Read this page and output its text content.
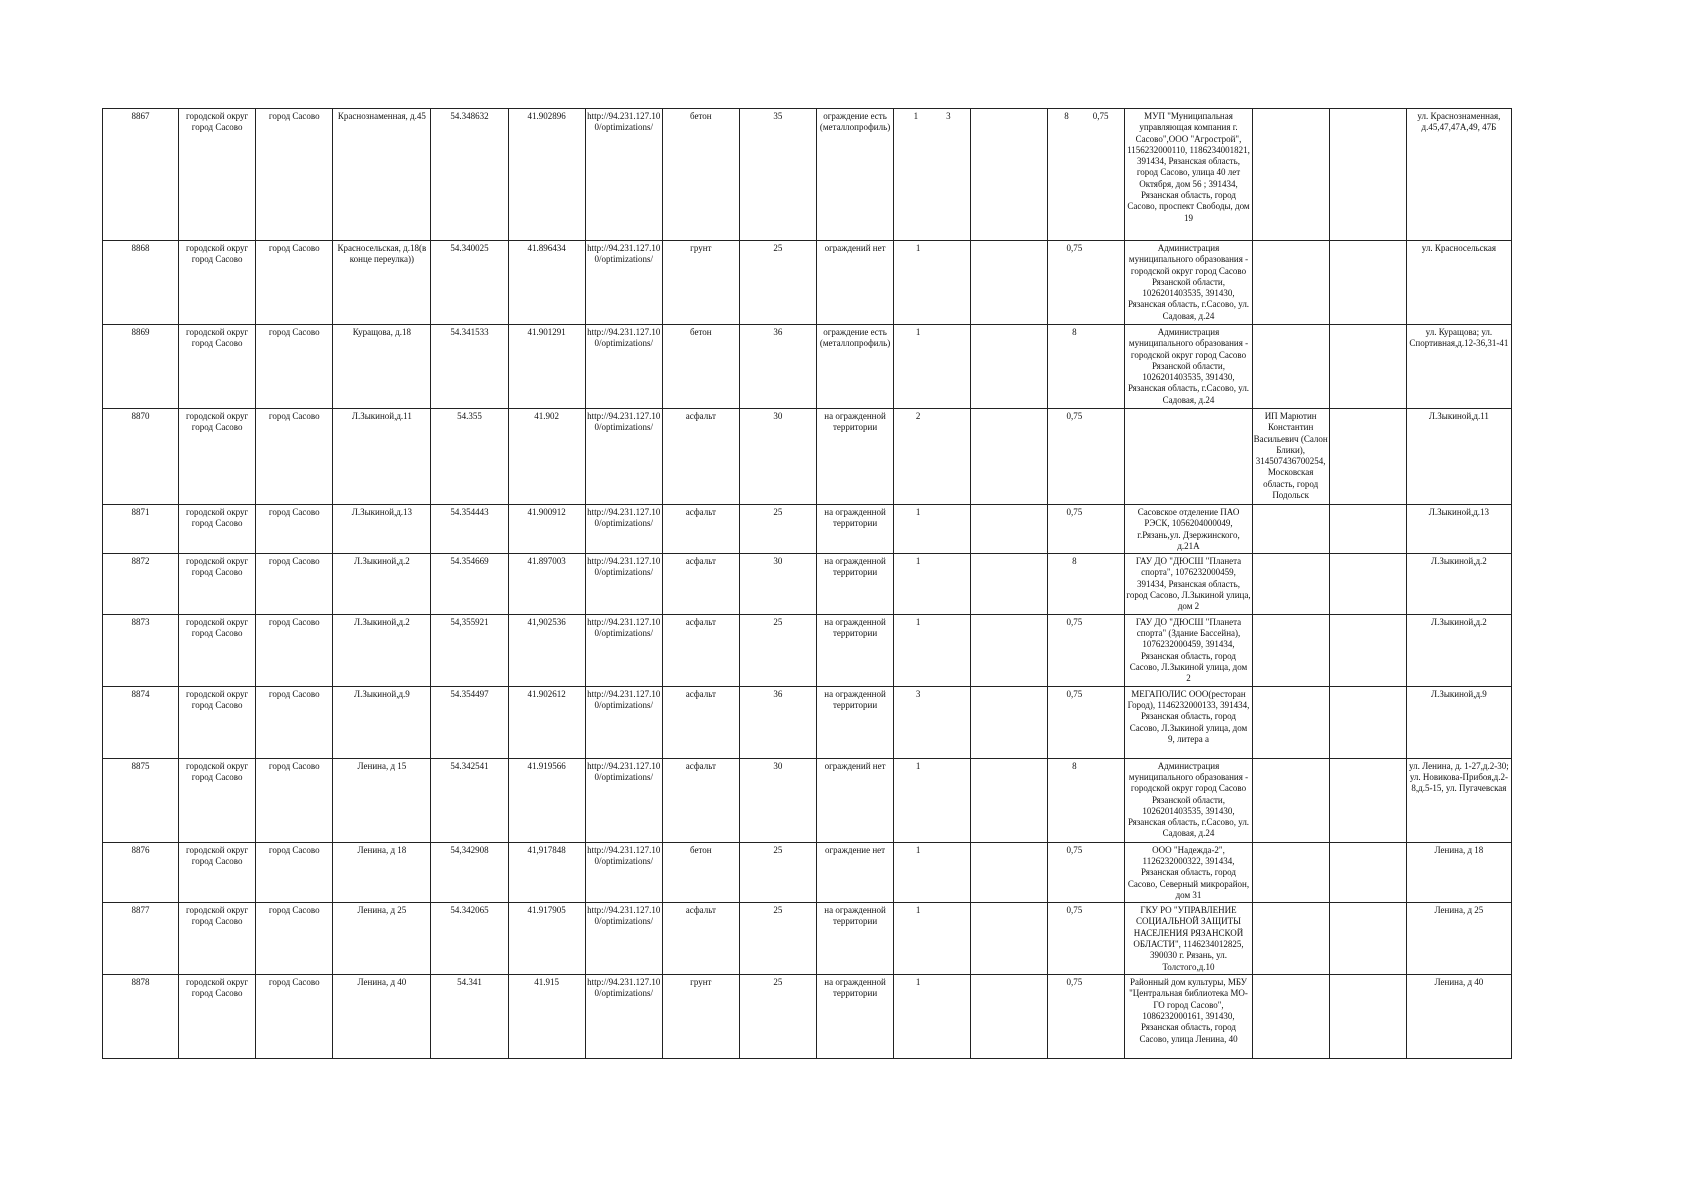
8867	городской округ город Сасово	город Сасово	Краснознаменная, д.45	54.348632	41.902896	http://94.231.127.10 0/optimizations/	бетон	35	ограждение есть (металлопрофиль)	1 3		8 0,75	МУП "Муниципальная управляющая компания г. Сасово",ООО "Агрострой", 1156232000110, 1186234001821, 391434, Рязанская область, город Сасово, улица 40 лет Октября, дом 56 ; 391434, Рязанская область, город Сасово, проспект Свободы, дом 19			ул. Краснознаменная, д.45,47,47А,49, 47Б
8868	городской округ город Сасово	город Сасово	Красносельская, д.18(в конце переулка))	54.340025	41.896434	http://94.231.127.10 0/optimizations/	грунт	25	ограждений нет	1		0,75	Администрация муниципального образования - городской округ город Сасово Рязанской области, 1026201403535, 391430, Рязанская область, г.Сасово, ул. Садовая, д.24			ул. Красносельская
8869	городской округ город Сасово	город Сасово	Куращова, д.18	54.341533	41.901291	http://94.231.127.10 0/optimizations/	бетон	36	ограждение есть (металлопрофиль)	1		8	Администрация муниципального образования - городской округ город Сасово Рязанской области, 1026201403535, 391430, Рязанская область, г.Сасово, ул. Садовая, д.24			ул. Куращова; ул. Спортивная,д.12-36,31-41
8870	городской округ город Сасово	город Сасово	Л.Зыкиной,д.11	54.355	41.902	http://94.231.127.10 0/optimizations/	асфальт	30	на огражденной территории	2		0,75		ИП Марютин Константин Васильевич (Салон Блики), 314507436700254, Московская область, город Подольск		Л.Зыкиной,д.11
8871	городской округ город Сасово	город Сасово	Л.Зыкиной,д.13	54.354443	41.900912	http://94.231.127.10 0/optimizations/	асфальт	25	на огражденной территории	1		0,75	Сасовское отделение ПАО РЭСК, 1056204000049, г.Рязань,ул. Дзержинского, д.21А			Л.Зыкиной,д.13
8872	городской округ город Сасово	город Сасово	Л.Зыкиной,д.2	54.354669	41.897003	http://94.231.127.10 0/optimizations/	асфальт	30	на огражденной территории	1		8	ГАУ ДО "ДЮСШ "Планета спорта", 1076232000459, 391434, Рязанская область, город Сасово, Л.Зыкиной улица, дом 2			Л.Зыкиной,д.2
8873	городской округ город Сасово	город Сасово	Л.Зыкиной,д.2	54,355921	41,902536	http://94.231.127.10 0/optimizations/	асфальт	25	на огражденной территории	1		0,75	ГАУ ДО "ДЮСШ "Планета спорта" (Здание Бассейна), 1076232000459, 391434, Рязанская область, город Сасово, Л.Зыкиной улица, дом 2			Л.Зыкиной,д.2
8874	городской округ город Сасово	город Сасово	Л.Зыкиной,д.9	54.354497	41.902612	http://94.231.127.10 0/optimizations/	асфальт	36	на огражденной территории	3		0,75	МЕГАПОЛИС ООО(ресторан Город), 1146232000133, 391434, Рязанская область, город Сасово, Л.Зыкиной улица, дом 9, литера а			Л.Зыкиной,д.9
8875	городской округ город Сасово	город Сасово	Ленина, д 15	54.342541	41.919566	http://94.231.127.10 0/optimizations/	асфальт	30	ограждений нет	1		8	Администрация муниципального образования - городской округ город Сасово Рязанской области, 1026201403535, 391430, Рязанская область, г.Сасово, ул. Садовая, д.24			ул. Ленина, д. 1-27,д.2-30; ул. Новикова-Прибоя,д.2-8,д.5-15, ул. Пугачевская
8876	городской округ город Сасово	город Сасово	Ленина, д 18	54,342908	41,917848	http://94.231.127.10 0/optimizations/	бетон	25	ограждение нет	1		0,75	ООО "Надежда-2", 1126232000322, 391434, Рязанская область, город Сасово, Северный микрорайон, дом 31			Ленина, д 18
8877	городской округ город Сасово	город Сасово	Ленина, д 25	54.342065	41.917905	http://94.231.127.10 0/optimizations/	асфальт	25	на огражденной территории	1		0,75	ГКУ РО "УПРАВЛЕНИЕ СОЦИАЛЬНОЙ ЗАЩИТЫ НАСЕЛЕНИЯ РЯЗАНСКОЙ ОБЛАСТИ", 1146234012825, 390030 г. Рязань, ул. Толстого,д.10			Ленина, д 25
8878	городской округ город Сасово	город Сасово	Ленина, д 40	54.341	41.915	http://94.231.127.10 0/optimizations/	грунт	25	на огражденной территории	1		0,75	Районный дом культуры, МБУ "Центральная библиотека МО-ГО город Сасово", 1086232000161, 391430, Рязанская область, город Сасово, улица Ленина, 40			Ленина, д 40
